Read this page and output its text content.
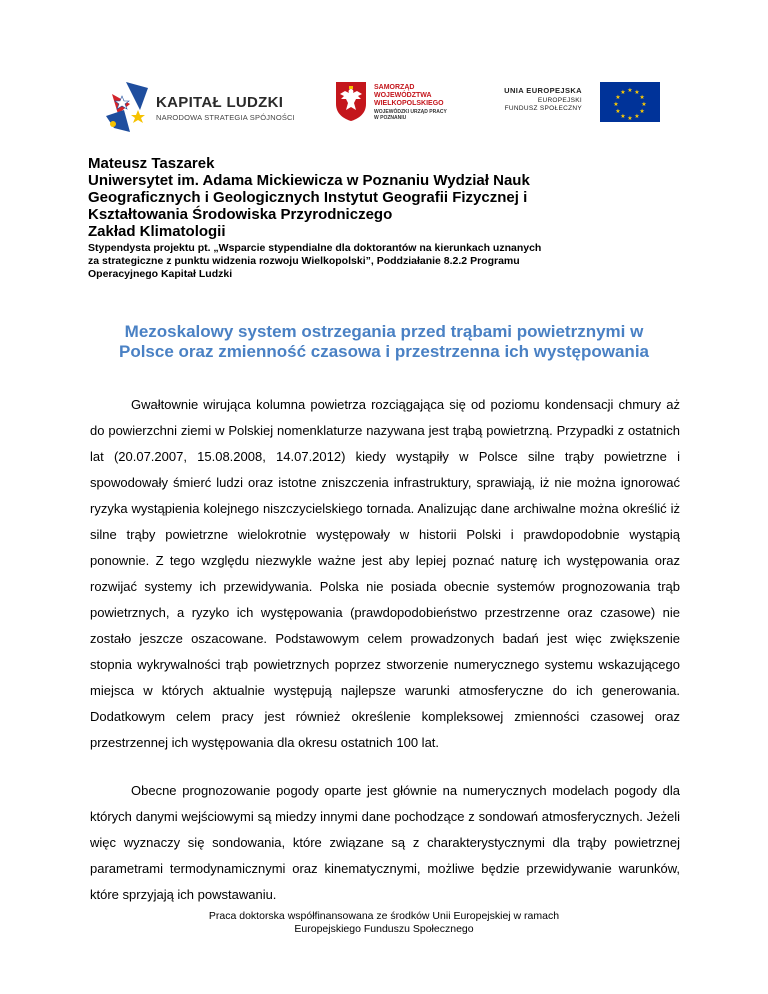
KAPITAŁ LUDZKI
NARODOWA STRATEGIA SPÓJNOŚCI
SAMORZĄD WOJEWÓDZTWA
WIELKOPOLSKIEGO
WOJEWÓDZKI URZĄD PRACY
W POZNANIU
UNIA EUROPEJSKA
EUROPEJSKI
FUNDUSZ SPOŁECZNY
★ ★
★
★
★
★
★
★
★
★
★
★

Mateusz Taszarek

Uniwersytet im. Adama Mickiewicza w Poznaniu Wydział Nauk
Geograficznych i Geologicznych Instytut Geografii Fizycznej i
Kształtowania Środowiska Przyrodniczego
Zakład Klimatologii

Stypendysta projektu pt. „Wsparcie stypendialne dla doktorantów na kierunkach uznanych
za strategiczne z punktu widzenia rozwoju Wielkopolski”, Poddziałanie 8.2.2 Programu
Operacyjnego Kapitał Ludzki
Mezoskalowy system ostrzegania przed trąbami powietrznymi w
Polsce oraz zmienność czasowa i przestrzenna ich występowania

Gwałtownie wirująca kolumna powietrza rozciągająca się od poziomu kondensacji chmury aż do powierzchni ziemi w Polskiej nomenklaturze nazywana jest trąbą powietrzną. Przypadki z ostatnich lat (20.07.2007, 15.08.2008, 14.07.2012) kiedy wystąpiły w Polsce silne trąby powietrzne i spowodowały śmierć ludzi oraz istotne zniszczenia infrastruktury, sprawiają, iż nie można ignorować ryzyka wystąpienia kolejnego niszczycielskiego tornada. Analizując dane archiwalne można określić iż silne trąby powietrzne wielokrotnie występowały w historii Polski i prawdopodobnie wystąpią ponownie. Z tego względu niezwykle ważne jest aby lepiej poznać naturę ich występowania oraz rozwijać systemy ich przewidywania. Polska nie posiada obecnie systemów prognozowania trąb powietrznych, a ryzyko ich występowania (prawdopodobieństwo przestrzenne oraz czasowe) nie zostało jeszcze oszacowane. Podstawowym celem prowadzonych badań jest więc zwiększenie stopnia wykrywalności trąb powietrznych poprzez stworzenie numerycznego systemu wskazującego miejsca w których aktualnie występują najlepsze warunki atmosferyczne do ich generowania. Dodatkowym celem pracy jest również określenie kompleksowej zmienności czasowej oraz przestrzennej ich występowania dla okresu ostatnich 100 lat.

Obecne prognozowanie pogody oparte jest głównie na numerycznych modelach pogody dla których danymi wejściowymi są miedzy innymi dane pochodzące z sondowań atmosferycznych. Jeżeli więc wyznaczy się sondowania, które związane są z charakterystycznymi dla trąby powietrznej parametrami termodynamicznymi oraz kinematycznymi, możliwe będzie przewidywanie warunków, które sprzyjają ich powstawaniu.

Praca doktorska współfinansowana ze środków Unii Europejskiej w ramach
Europejskiego Funduszu Społecznego
